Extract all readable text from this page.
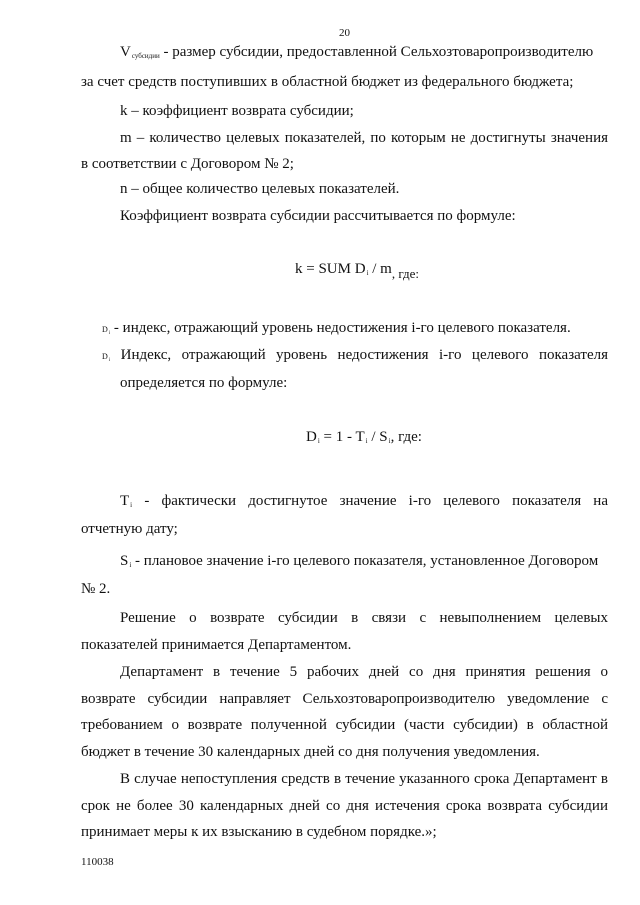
20
$V_{субсидии}$ - размер субсидии, предоставленной Сельхозтоваропроизводителю
за счет средств поступивших в областной бюджет из федерального бюджета;
k – коэффициент возврата субсидии;
m – количество целевых показателей, по которым не достигнуты значения
в соответствии с Договором № 2;
n – общее количество целевых показателей.
Коэффициент возврата субсидии рассчитывается по формуле:
k = SUM $D_i$ / m, где:
$D_i$ - индекс, отражающий уровень недостижения i-го целевого показателя.
$D_i$ Индекс, отражающий уровень недостижения i-го целевого показателя
определяется по формуле:
$D_i = 1 - T_i / S_i$, где:
$T_i$ - фактически достигнутое значение i-го целевого показателя на
отчетную дату;
$S_i$ - плановое значение i-го целевого показателя, установленное Договором
№ 2.
Решение о возврате субсидии в связи с невыполнением целевых
показателей принимается Департаментом.
Департамент в течение 5 рабочих дней со дня принятия решения о
возврате субсидии направляет Сельхозтоваропроизводителю уведомление с
требованием о возврате полученной субсидии (части субсидии) в областной
бюджет в течение 30 календарных дней со дня получения уведомления.
В случае непоступления средств в течение указанного срока Департамент в
срок не более 30 календарных дней со дня истечения срока возврата субсидии
принимает меры к их взысканию в судебном порядке.»;
110038
